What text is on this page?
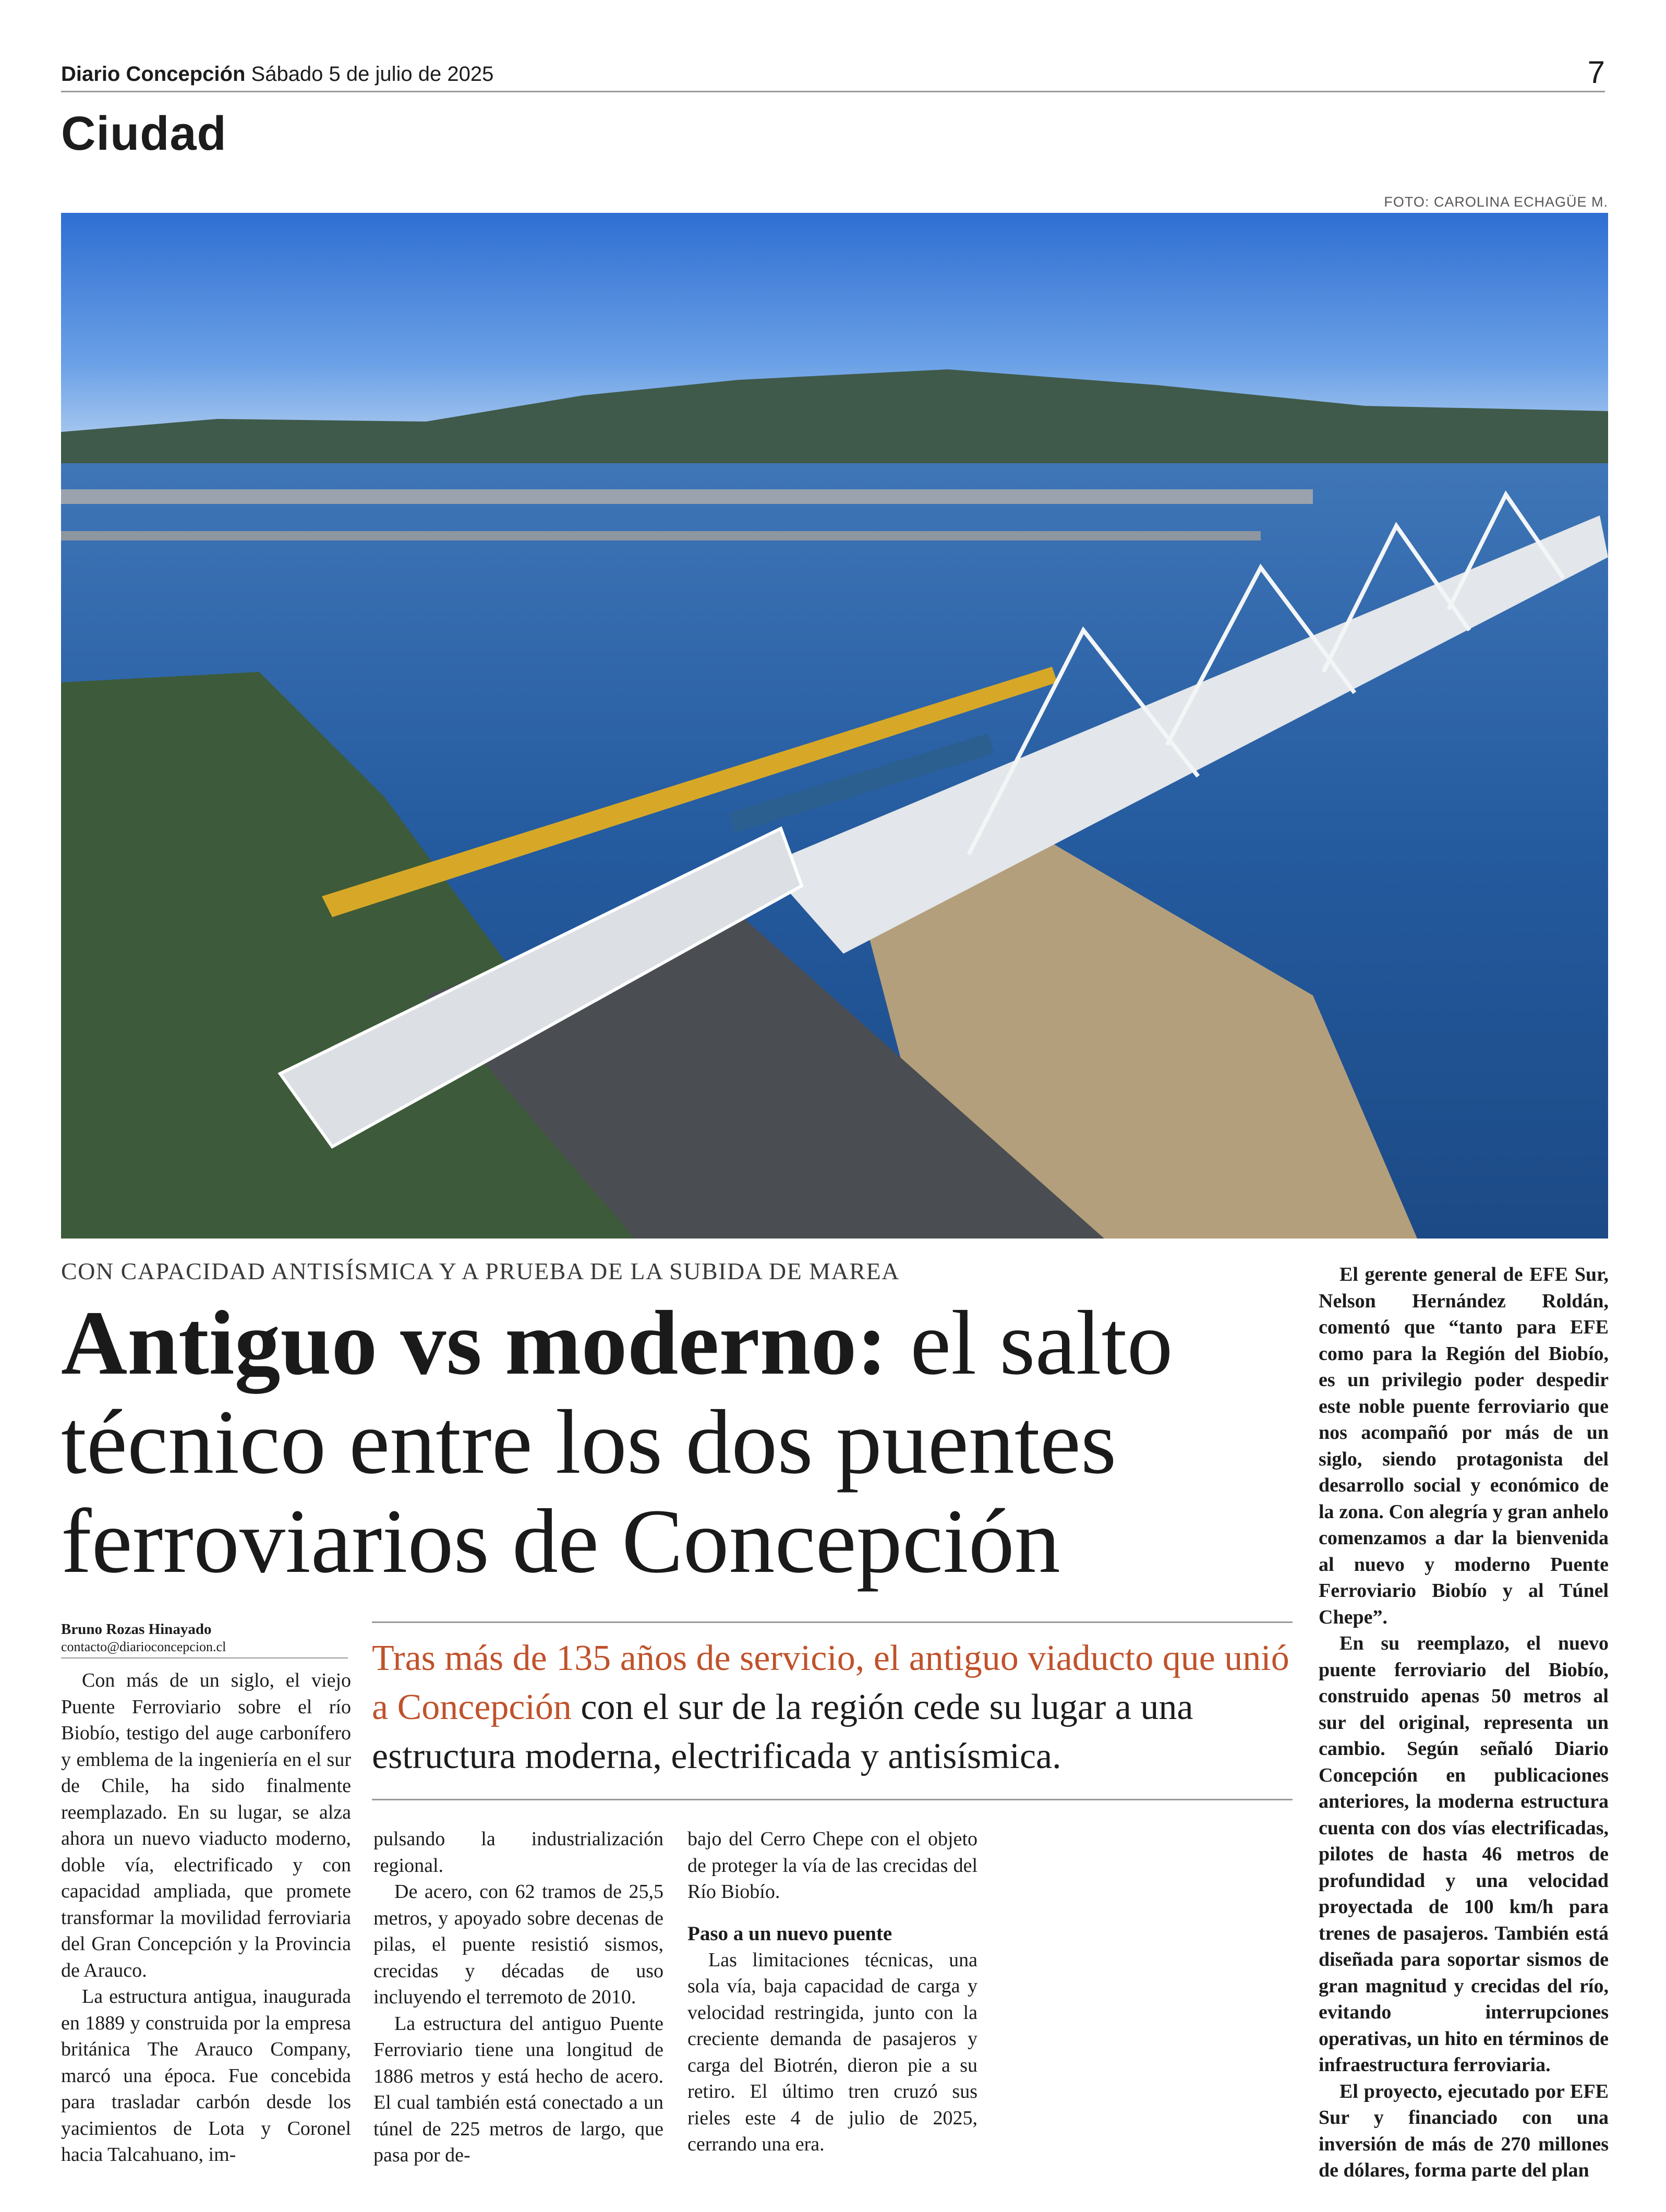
Diario Concepción Sábado 5 de julio de 2025	7
Ciudad
FOTO: CAROLINA ECHAGÜE M.
CON CAPACIDAD ANTISÍSMICA Y A PRUEBA DE LA SUBIDA DE MAREA
Antiguo vs moderno: el salto técnico entre los dos puentes ferroviarios de Concepción
Bruno Rozas Hinayado
contacto@diarioconcepcion.cl	Tras más de 135 años de servicio, el antiguo viaducto que unió a Concepción con el sur de la región cede su lugar a una estructura moderna, electrificada y antisísmica.

Con más de un siglo, el viejo Puente Ferroviario sobre el río Biobío, testigo del auge carbonífero y emblema de la ingeniería en el sur de Chile, ha sido finalmente reemplazado. En su lugar, se alza ahora un nuevo viaducto moderno, doble vía, electrificado y con capacidad ampliada, que promete transformar la movilidad ferroviaria del Gran Concepción y la Provincia de Arauco.

La estructura antigua, inaugurada en 1889 y construida por la empresa británica The Arauco Company, marcó una época. Fue concebida para trasladar carbón desde los yacimientos de Lota y Coronel hacia Talcahuano, im-

pulsando la industrialización regional.

De acero, con 62 tramos de 25,5 metros, y apoyado sobre decenas de pilas, el puente resistió sismos, crecidas y décadas de uso incluyendo el terremoto de 2010.

La estructura del antiguo Puente Ferroviario tiene una longitud de 1886 metros y está hecho de acero. El cual también está conectado a un túnel de 225 metros de largo, que pasa por de-

bajo del Cerro Chepe con el objeto de proteger la vía de las crecidas del Río Biobío.

Paso a un nuevo puente

Las limitaciones técnicas, una sola vía, baja capacidad de carga y velocidad restringida, junto con la creciente demanda de pasajeros y carga del Biotrén, dieron pie a su retiro. El último tren cruzó sus rieles este 4 de julio de 2025, cerrando una era.

El gerente general de EFE Sur, Nelson Hernández Roldán, comentó que “tanto para EFE como para la Región del Biobío, es un privilegio poder despedir este noble puente ferroviario que nos acompañó por más de un siglo, siendo protagonista del desarrollo social y económico de la zona. Con alegría y gran anhelo comenzamos a dar la bienvenida al nuevo y moderno Puente Ferroviario Biobío y al Túnel Chepe”.

En su reemplazo, el nuevo puente ferroviario del Biobío, construido apenas 50 metros al sur del original, representa un cambio. Según señaló Diario Concepción en publicaciones anteriores, la moderna estructura cuenta con dos vías electrificadas, pilotes de hasta 46 metros de profundidad y una velocidad proyectada de 100 km/h para trenes de pasajeros. También está diseñada para soportar sismos de gran magnitud y crecidas del río, evitando interrupciones operativas, un hito en términos de infraestructura ferroviaria.

El proyecto, ejecutado por EFE Sur y financiado con una inversión de más de 270 millones de dólares, forma parte del plan
